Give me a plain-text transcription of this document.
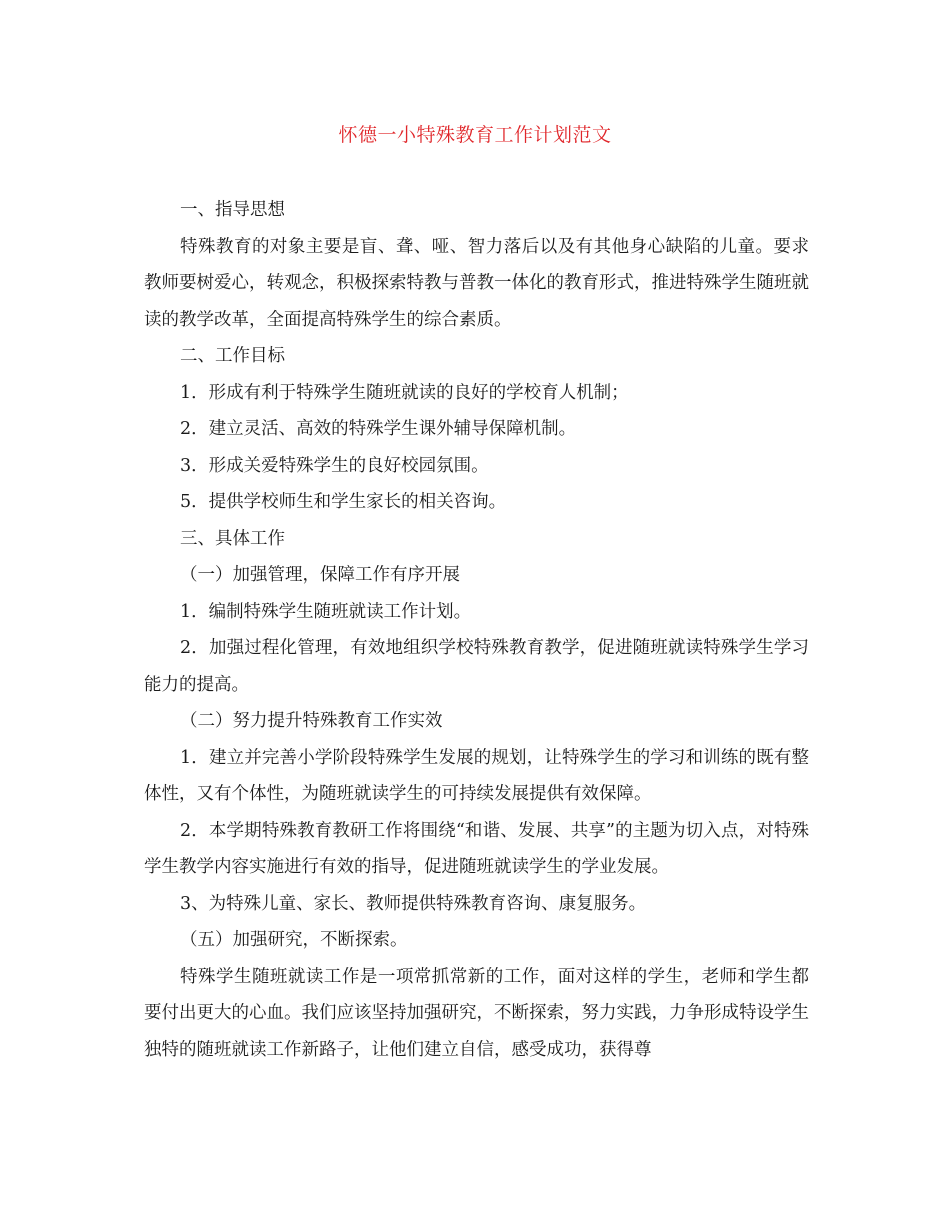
怀德一小特殊教育工作计划范文

一、指导思想

特殊教育的对象主要是盲、聋、哑、智力落后以及有其他身心缺陷的儿童。要求教师要树爱心，转观念，积极探索特教与普教一体化的教育形式，推进特殊学生随班就读的教学改革，全面提高特殊学生的综合素质。

二、工作目标

1．形成有利于特殊学生随班就读的良好的学校育人机制；

2．建立灵活、高效的特殊学生课外辅导保障机制。

3．形成关爱特殊学生的良好校园氛围。

5．提供学校师生和学生家长的相关咨询。

三、具体工作

（一）加强管理，保障工作有序开展

1．编制特殊学生随班就读工作计划。

2．加强过程化管理，有效地组织学校特殊教育教学，促进随班就读特殊学生学习能力的提高。

（二）努力提升特殊教育工作实效

1．建立并完善小学阶段特殊学生发展的规划，让特殊学生的学习和训练的既有整体性，又有个体性，为随班就读学生的可持续发展提供有效保障。

2．本学期特殊教育教研工作将围绕“和谐、发展、共享”的主题为切入点，对特殊学生教学内容实施进行有效的指导，促进随班就读学生的学业发展。

3、为特殊儿童、家长、教师提供特殊教育咨询、康复服务。

（五）加强研究，不断探索。

特殊学生随班就读工作是一项常抓常新的工作，面对这样的学生，老师和学生都要付出更大的心血。我们应该坚持加强研究，不断探索，努力实践，力争形成特设学生独特的随班就读工作新路子，让他们建立自信，感受成功，获得尊
